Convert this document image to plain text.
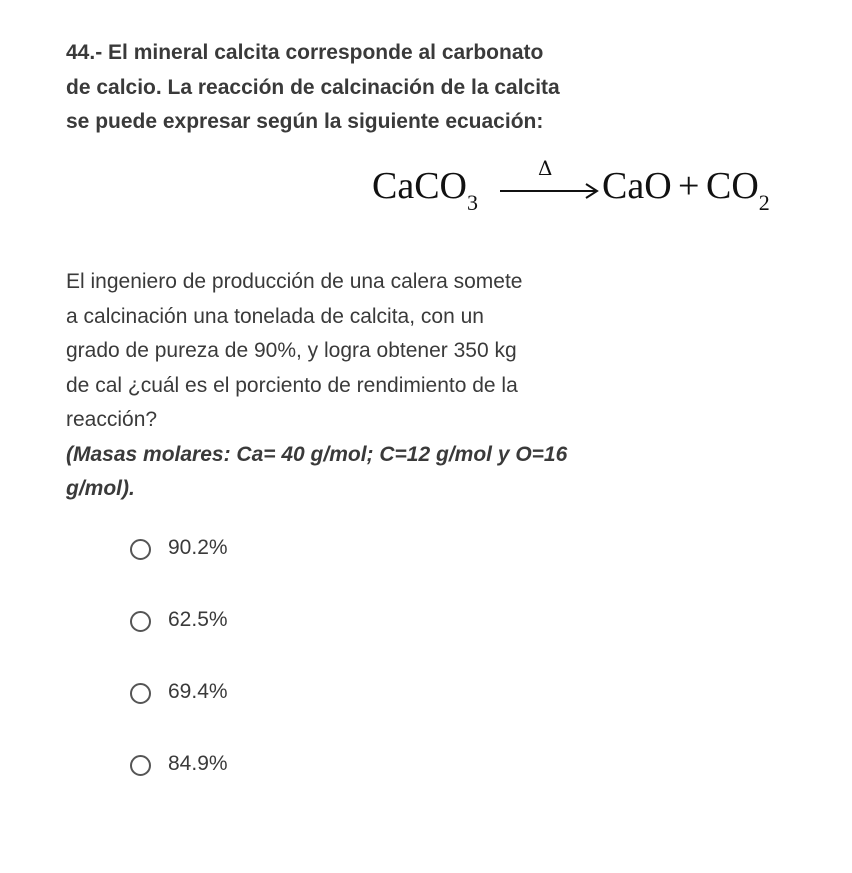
44.- El mineral calcita corresponde al carbonato
de calcio. La reacción de calcinación de la calcita
se puede expresar según la siguiente ecuación:
CaCO$_3$
Δ CaO + $CO_2$
El ingeniero de producción de una calera somete
a calcinación una tonelada de calcita, con un
grado de pureza de 90%, y logra obtener 350 kg
de cal ¿cuál es el porciento de rendimiento de la
reacción?
(Masas molares: Ca= 40 g/mol; C=12 g/mol y O=16
g/mol).
90.2%
62.5%
69.4%
84.9%
